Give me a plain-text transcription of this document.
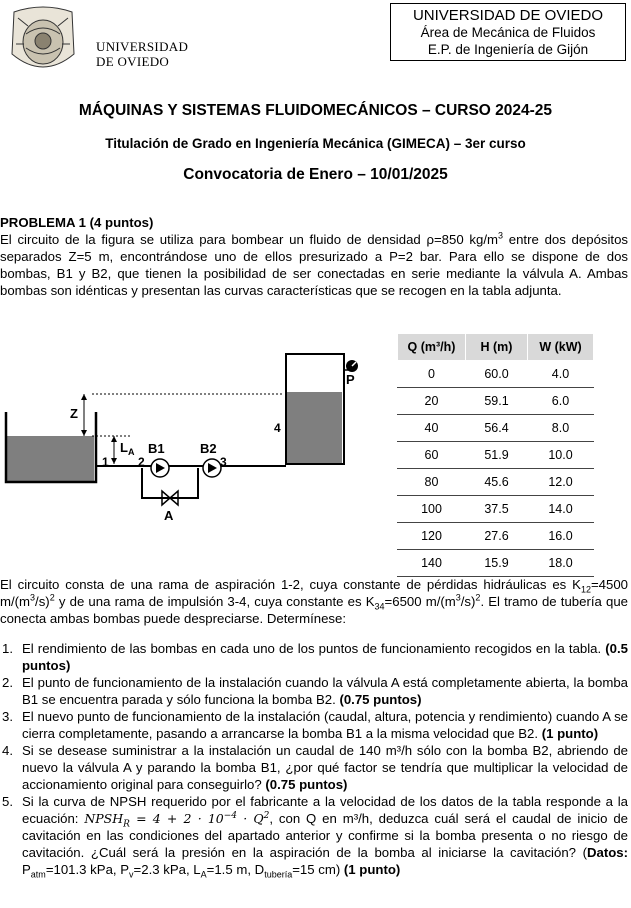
UNIVERSIDAD
DE OVIEDO
UNIVERSIDAD DE OVIEDO
Área de Mecánica de Fluidos
E.P. de Ingeniería de Gijón
MÁQUINAS Y SISTEMAS FLUIDOMECÁNICOS – CURSO 2024-25
Titulación de Grado en Ingeniería Mecánica (GIMECA) – 3er curso
Convocatoria de Enero – 10/01/2025
PROBLEMA 1 (4 puntos)
El circuito de la figura se utiliza para bombear un fluido de densidad ρ=850 $kg/m^3$ entre dos depósitos separados Z=5 m, encontrándose uno de ellos presurizado a P=2 bar. Para ello se dispone de dos bombas, B1 y B2, que tienen la posibilidad de ser conectadas en serie mediante la válvula A. Ambas bombas son idénticas y presentan las curvas características que se recogen en la tabla adjunta.
P
Z
$L_A$
A
B1	B2
1 2	3
4
Q (m³/h)	H (m)	W (kW)
0	60.0	4.0
20	59.1	6.0
40	56.4	8.0
60	51.9	10.0
80	45.6	12.0
100	37.5	14.0
120	27.6	16.0
140	15.9	18.0
El circuito consta de una rama de aspiración 1-2, cuya constante de pérdidas hidráulicas es $K_{12}=4500$ $m/(m^3/s)^2$ y de una rama de impulsión 3-4, cuya constante es $K_{34}=6500$ $m/(m^3/s)^2$. El tramo de tubería que conecta ambas bombas puede despreciarse. Determínese:
1. El rendimiento de las bombas en cada uno de los puntos de funcionamiento recogidos en la tabla. (0.5 puntos)
2. El punto de funcionamiento de la instalación cuando la válvula A está completamente abierta, la bomba B1 se encuentra parada y sólo funciona la bomba B2. (0.75 puntos)
3. El nuevo punto de funcionamiento de la instalación (caudal, altura, potencia y rendimiento) cuando A se cierra completamente, pasando a arrancarse la bomba B1 a la misma velocidad que B2. (1 punto)
4. Si se desease suministrar a la instalación un caudal de 140 m³/h sólo con la bomba B2, abriendo de nuevo la válvula A y parando la bomba B1, ¿por qué factor se tendría que multiplicar la velocidad de accionamiento original para conseguirlo? (0.75 puntos)
5. Si la curva de NPSH requerido por el fabricante a la velocidad de los datos de la tabla responde a la ecuación: $NPSH_R = 4 + 2 \cdot 10^{-4} \cdot Q^2$, con Q en m³/h, deduzca cuál será el caudal de inicio de cavitación en las condiciones del apartado anterior y confirme si la bomba presenta o no riesgo de cavitación. ¿Cuál será la presión en la aspiración de la bomba al iniciarse la cavitación? (Datos: $P_{atm}=101.3$ kPa, $P_v=2.3$ kPa, $L_A=1.5$ m, $D_{tubería}=15$ cm) (1 punto)
